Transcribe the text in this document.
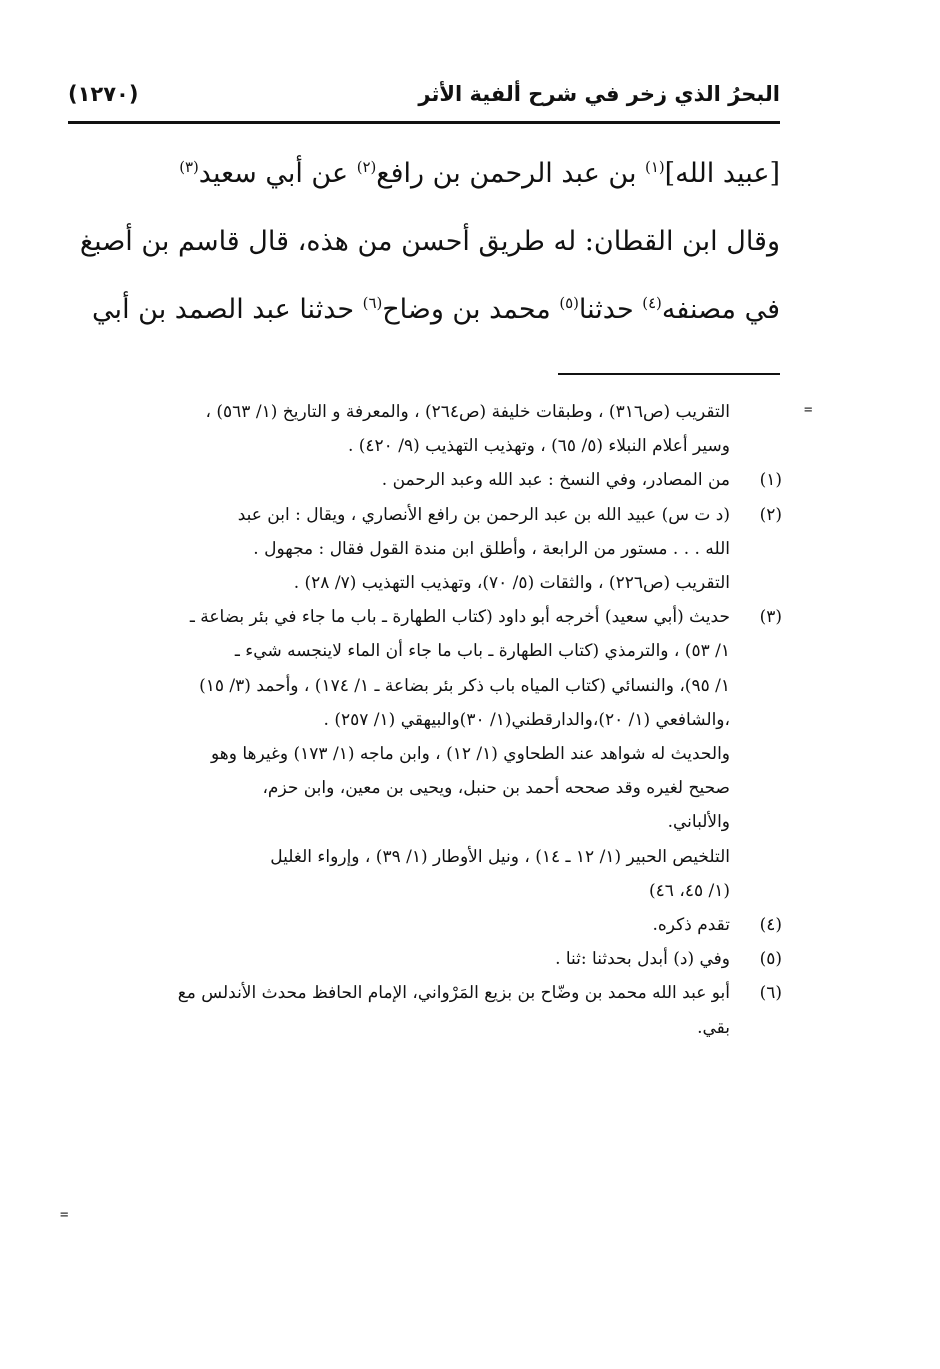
البحرُ الذي زخر في شرح ألفية الأثر
(١٢٧٠)
[عبيد الله]$^{(١)}$ بن عبد الرحمن بن رافع$^{(٢)}$ عن أبي سعيد$^{(٣)}$
وقال ابن القطان: له طريق أحسن من هذه، قال قاسم بن أصبغ
في مصنفه$^{(٤)}$ حدثنا$^{(٥)}$ محمد بن وضاح$^{(٦)}$ حدثنا عبد الصمد بن أبي
التقريب (ص٣١٦) ، وطبقات خليفة (ص٢٦٤) ، والمعرفة و التاريخ (١/ ٥٦٣) ،
وسير أعلام النبلاء (٥/ ٦٥) ، وتهذيب التهذيب (٩/ ٤٢٠) .
(١)
من المصادر، وفي النسخ : عبد الله وعبد الرحمن .
(٢)
(د ت س) عبيد الله بن عبد الرحمن بن رافع الأنصاري ، ويقال : ابن عبد
الله . . . مستور من الرابعة ، وأطلق ابن مندة القول فقال : مجهول .
التقريب (ص٢٢٦) ، والثقات (٥/ ٧٠)، وتهذيب التهذيب (٧/ ٢٨) .
(٣)
حديث (أبي سعيد) أخرجه أبو داود (كتاب الطهارة ـ باب ما جاء في بئر بضاعة ـ
١/ ٥٣) ، والترمذي (كتاب الطهارة ـ باب ما جاء أن الماء لاينجسه شيء ـ
١/ ٩٥)، والنسائي (كتاب المياه باب ذكر بئر بضاعة ـ ١/ ١٧٤) ، وأحمد (٣/ ١٥)
،والشافعي (١/ ٢٠)،والدارقطني(١/ ٣٠)والبيهقي (١/ ٢٥٧) .
والحديث له شواهد عند الطحاوي (١/ ١٢) ، وابن ماجه (١/ ١٧٣) وغيرها وهو
صحيح لغيره وقد صححه أحمد بن حنبل، ويحيى بن معين، وابن حزم،
والألباني.
التلخيص الحبير (١/ ١٢ ـ ١٤) ، ونيل الأوطار (١/ ٣٩) ، وإرواء الغليل
(١/ ٤٥، ٤٦)
(٤)
تقدم ذكره.
(٥)
وفي (د) أبدل بحدثنا :ثنا .
(٦)
أبو عبد الله محمد بن وضّاح بن بزيع المَرْواني، الإمام الحافظ محدث الأندلس مع
بقي.
=
=
